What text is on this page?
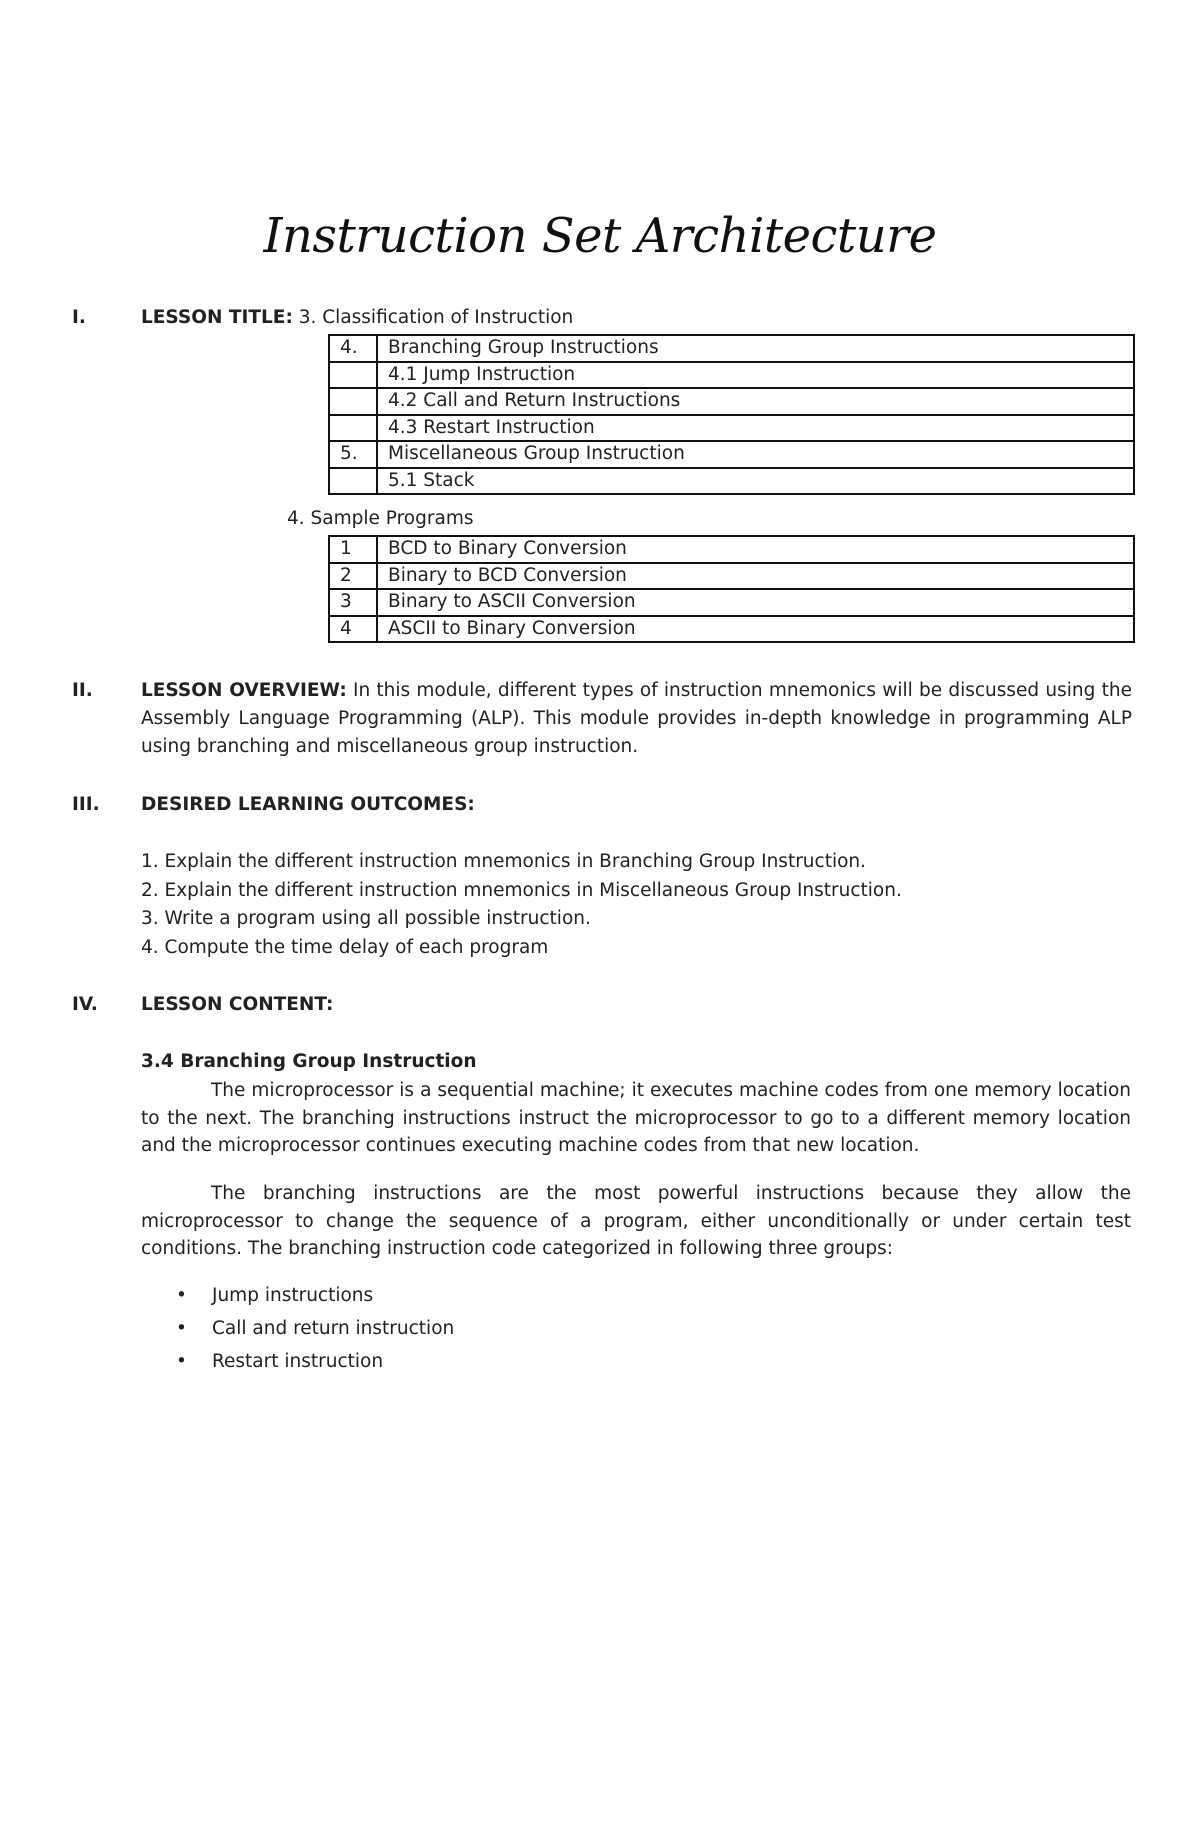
Instruction Set Architecture
I.	LESSON TITLE: 3. Classification of Instruction
4.	Branching Group Instructions
	4.1 Jump Instruction
	4.2 Call and Return Instructions
	4.3 Restart Instruction
5.	Miscellaneous Group Instruction
	5.1 Stack
4. Sample Programs
1	BCD to Binary Conversion
2	Binary to BCD Conversion
3	Binary to ASCII Conversion
4	ASCII to Binary Conversion
II.	LESSON OVERVIEW: In this module, different types of instruction mnemonics will be discussed using the Assembly Language Programming (ALP). This module provides in-depth knowledge in programming ALP using branching and miscellaneous group instruction.
III. DESIRED LEARNING OUTCOMES:
1. Explain the different instruction mnemonics in Branching Group Instruction.
2. Explain the different instruction mnemonics in Miscellaneous Group Instruction.
3. Write a program using all possible instruction.
4. Compute the time delay of each program
IV. LESSON CONTENT:
3.4 Branching Group Instruction
The microprocessor is a sequential machine; it executes machine codes from one memory location to the next. The branching instructions instruct the microprocessor to go to a different memory location and the microprocessor continues executing machine codes from that new location.
The branching instructions are the most powerful instructions because they allow the microprocessor to change the sequence of a program, either unconditionally or under certain test conditions. The branching instruction code categorized in following three groups:
• Jump instructions
• Call and return instruction
• Restart instruction
